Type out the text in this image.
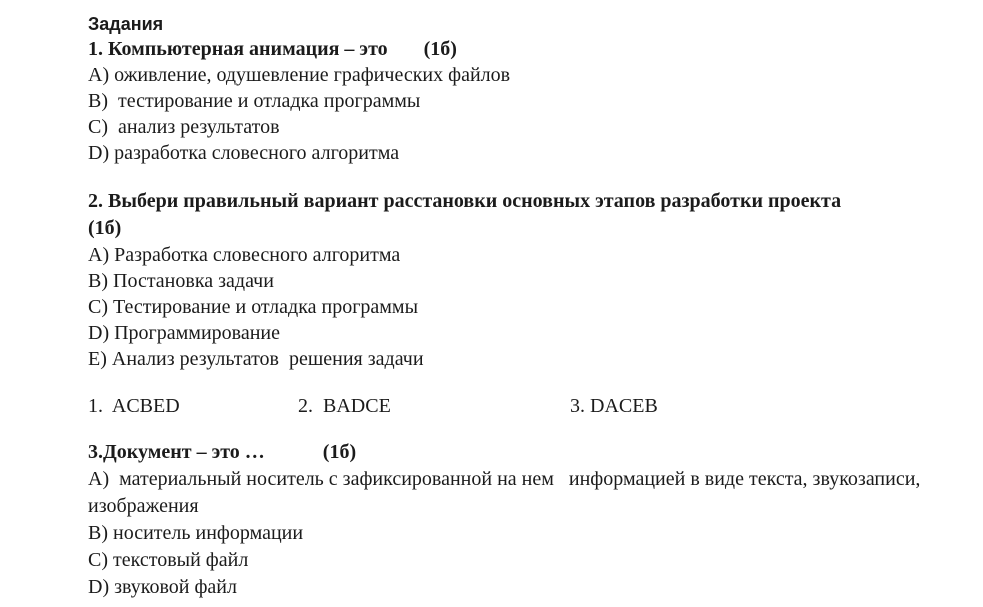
Задания

1. Компьютерная анимация – это (1б)

А) оживление, одушевление графических файлов

В)  тестирование и отладка программы

С)  анализ результатов

D) разработка словесного алгоритма

2. Выбери правильный вариант расстановки основных этапов разработки проекта

(1б)

А) Разработка словесного алгоритма

В) Постановка задачи

С) Тестирование и отладка программы

D) Программирование

Е) Анализ результатов  решения задачи

1.  ACBED	2.  BADCE	3. DACEB

3.Документ – это …	(1б)

А)  материальный носитель с зафиксированной на нем   информацией в виде текста, звукозаписи, изображения

В) носитель информации

С) текстовый файл

D) звуковой файл
